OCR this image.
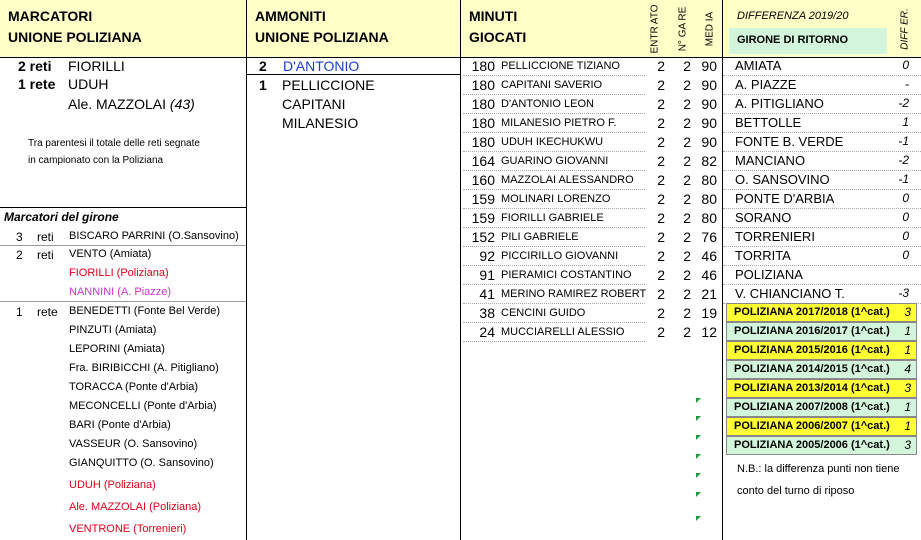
MARCATORI
UNIONE POLIZIANA
AMMONITI
UNIONE POLIZIANA
MINUTI
GIOCATI	ENTR ATO N° GA RE MED IA DIFFERENZA 2019/20
GIRONE DI RITORNO	DIFF ER.
2 reti FIORILLI
1 rete UDUH
Ale. MAZZOLAI (43)
Tra parentesi il totale delle reti segnate
in campionato con la Poliziana
Marcatori del girone
3 reti BISCARO PARRINI (O.Sansovino)
2 reti VENTO (Amiata)
FIORILLI (Poliziana)
NANNINI (A. Piazze)
1 rete BENEDETTI (Fonte Bel Verde)
PINZUTI (Amiata)
LEPORINI (Amiata)
Fra. BIRIBICCHI (A. Pitigliano)
TORACCA (Ponte d'Arbia)
MECONCELLI (Ponte d'Arbia)
BARI (Ponte d'Arbia)
VASSEUR (O. Sansovino)
GIANQUITTO (O. Sansovino)
UDUH (Poliziana)
Ale. MAZZOLAI (Poliziana)
VENTRONE (Torrenieri)
2 D'ANTONIO
1 PELLICCIONE
CAPITANI
MILANESIO
180 PELLICCIONE TIZIANO	2	2 90
180 CAPITANI SAVERIO	2	2 90
180 D'ANTONIO LEON	2	2 90
180 MILANESIO PIETRO F.	2	2 90
180 UDUH IKECHUKWU	2	2 90
164 GUARINO GIOVANNI	2	2 82
160 MAZZOLAI ALESSANDRO	2	2 80
159 MOLINARI LORENZO	2	2 80
159 FIORILLI GABRIELE	2	2 80
152 PILI GABRIELE	2	2 76
92 PICCIRILLO GIOVANNI	2	2 46
91 PIERAMICI COSTANTINO	2	2 46
41 MERINO RAMIREZ ROBERT 2	2 21
38 CENCINI GUIDO	2	2 19
24 MUCCIARELLI ALESSIO	2	2 12
AMIATA	0
A. PIAZZE	-
A. PITIGLIANO	-2
BETTOLLE	1
FONTE B. VERDE	-1
MANCIANO	-2
O. SANSOVINO	-1
PONTE D'ARBIA	0
SORANO	0
TORRENIERI	0
TORRITA	0
POLIZIANA
V. CHIANCIANO T.	-3
POLIZIANA 2017/2018 (1^cat.) 3
POLIZIANA 2016/2017 (1^cat.) 1
POLIZIANA 2015/2016 (1^cat.) 1
POLIZIANA 2014/2015 (1^cat.) 4
POLIZIANA 2013/2014 (1^cat.) 3
POLIZIANA 2007/2008 (1^cat.) 1
POLIZIANA 2006/2007 (1^cat.) 1
POLIZIANA 2005/2006 (1^cat.) 3
N.B.: la differenza punti non tiene
conto del turno di riposo
